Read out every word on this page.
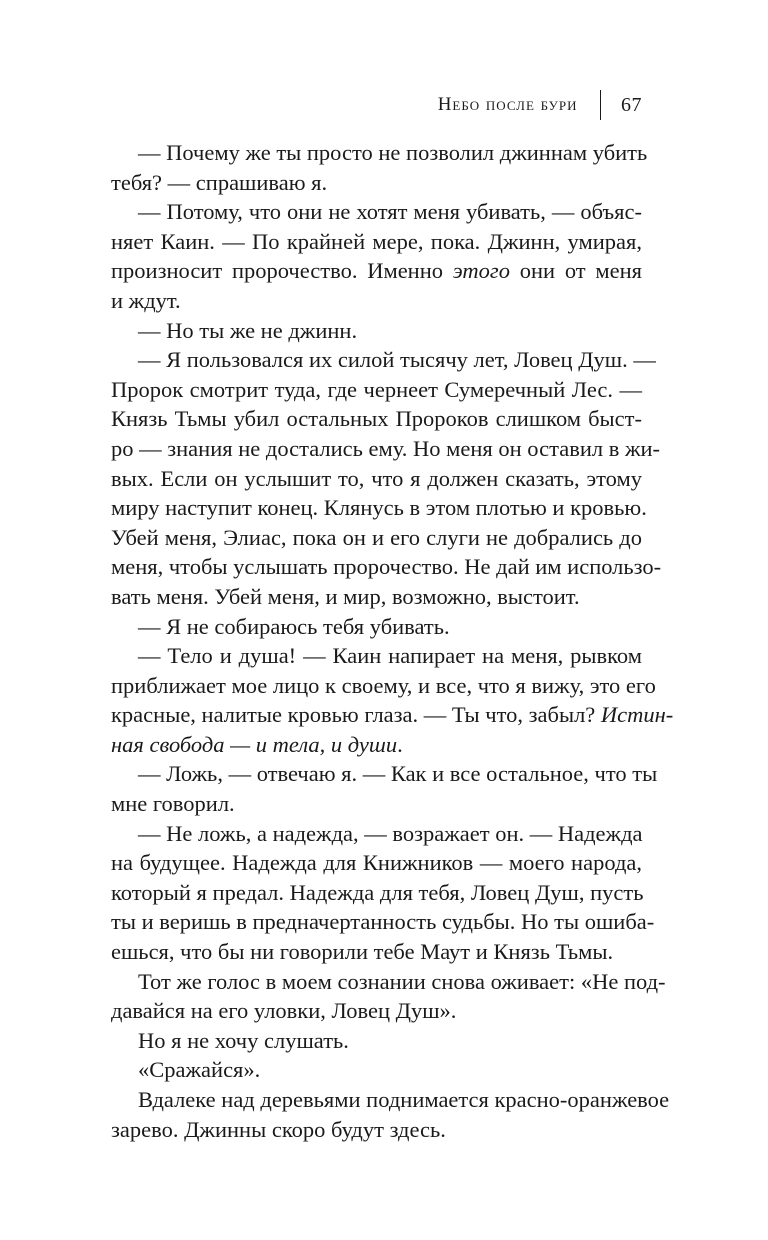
Небо после бури 67
— Почему же ты просто не позволил джиннам убить
тебя? — спрашиваю я.
— Потому, что они не хотят меня убивать, — объяс-
няет Каин. — По крайней мере, пока. Джинн, умирая,
произносит пророчество. Именно этого они от меня
и ждут.
— Но ты же не джинн.
— Я пользовался их силой тысячу лет, Ловец Душ. —
Пророк смотрит туда, где чернеет Сумеречный Лес. —
Князь Тьмы убил остальных Пророков слишком быст-
ро — знания не достались ему. Но меня он оставил в жи-
вых. Если он услышит то, что я должен сказать, этому
миру наступит конец. Клянусь в этом плотью и кровью.
Убей меня, Элиас, пока он и его слуги не добрались до
меня, чтобы услышать пророчество. Не дай им использо-
вать меня. Убей меня, и мир, возможно, выстоит.
— Я не собираюсь тебя убивать.
— Тело и душа! — Каин напирает на меня, рывком
приближает мое лицо к своему, и все, что я вижу, это его
красные, налитые кровью глаза. — Ты что, забыл? Истин-
ная свобода — и тела, и души.
— Ложь, — отвечаю я. — Как и все остальное, что ты
мне говорил.
— Не ложь, а надежда, — возражает он. — Надежда
на будущее. Надежда для Книжников — моего народа,
который я предал. Надежда для тебя, Ловец Душ, пусть
ты и веришь в предначертанность судьбы. Но ты ошиба-
ешься, что бы ни говорили тебе Маут и Князь Тьмы.
Тот же голос в моем сознании снова оживает: «Не под-
давайся на его уловки, Ловец Душ».
Но я не хочу слушать.
«Сражайся».
Вдалеке над деревьями поднимается красно-оранжевое
зарево. Джинны скоро будут здесь.
